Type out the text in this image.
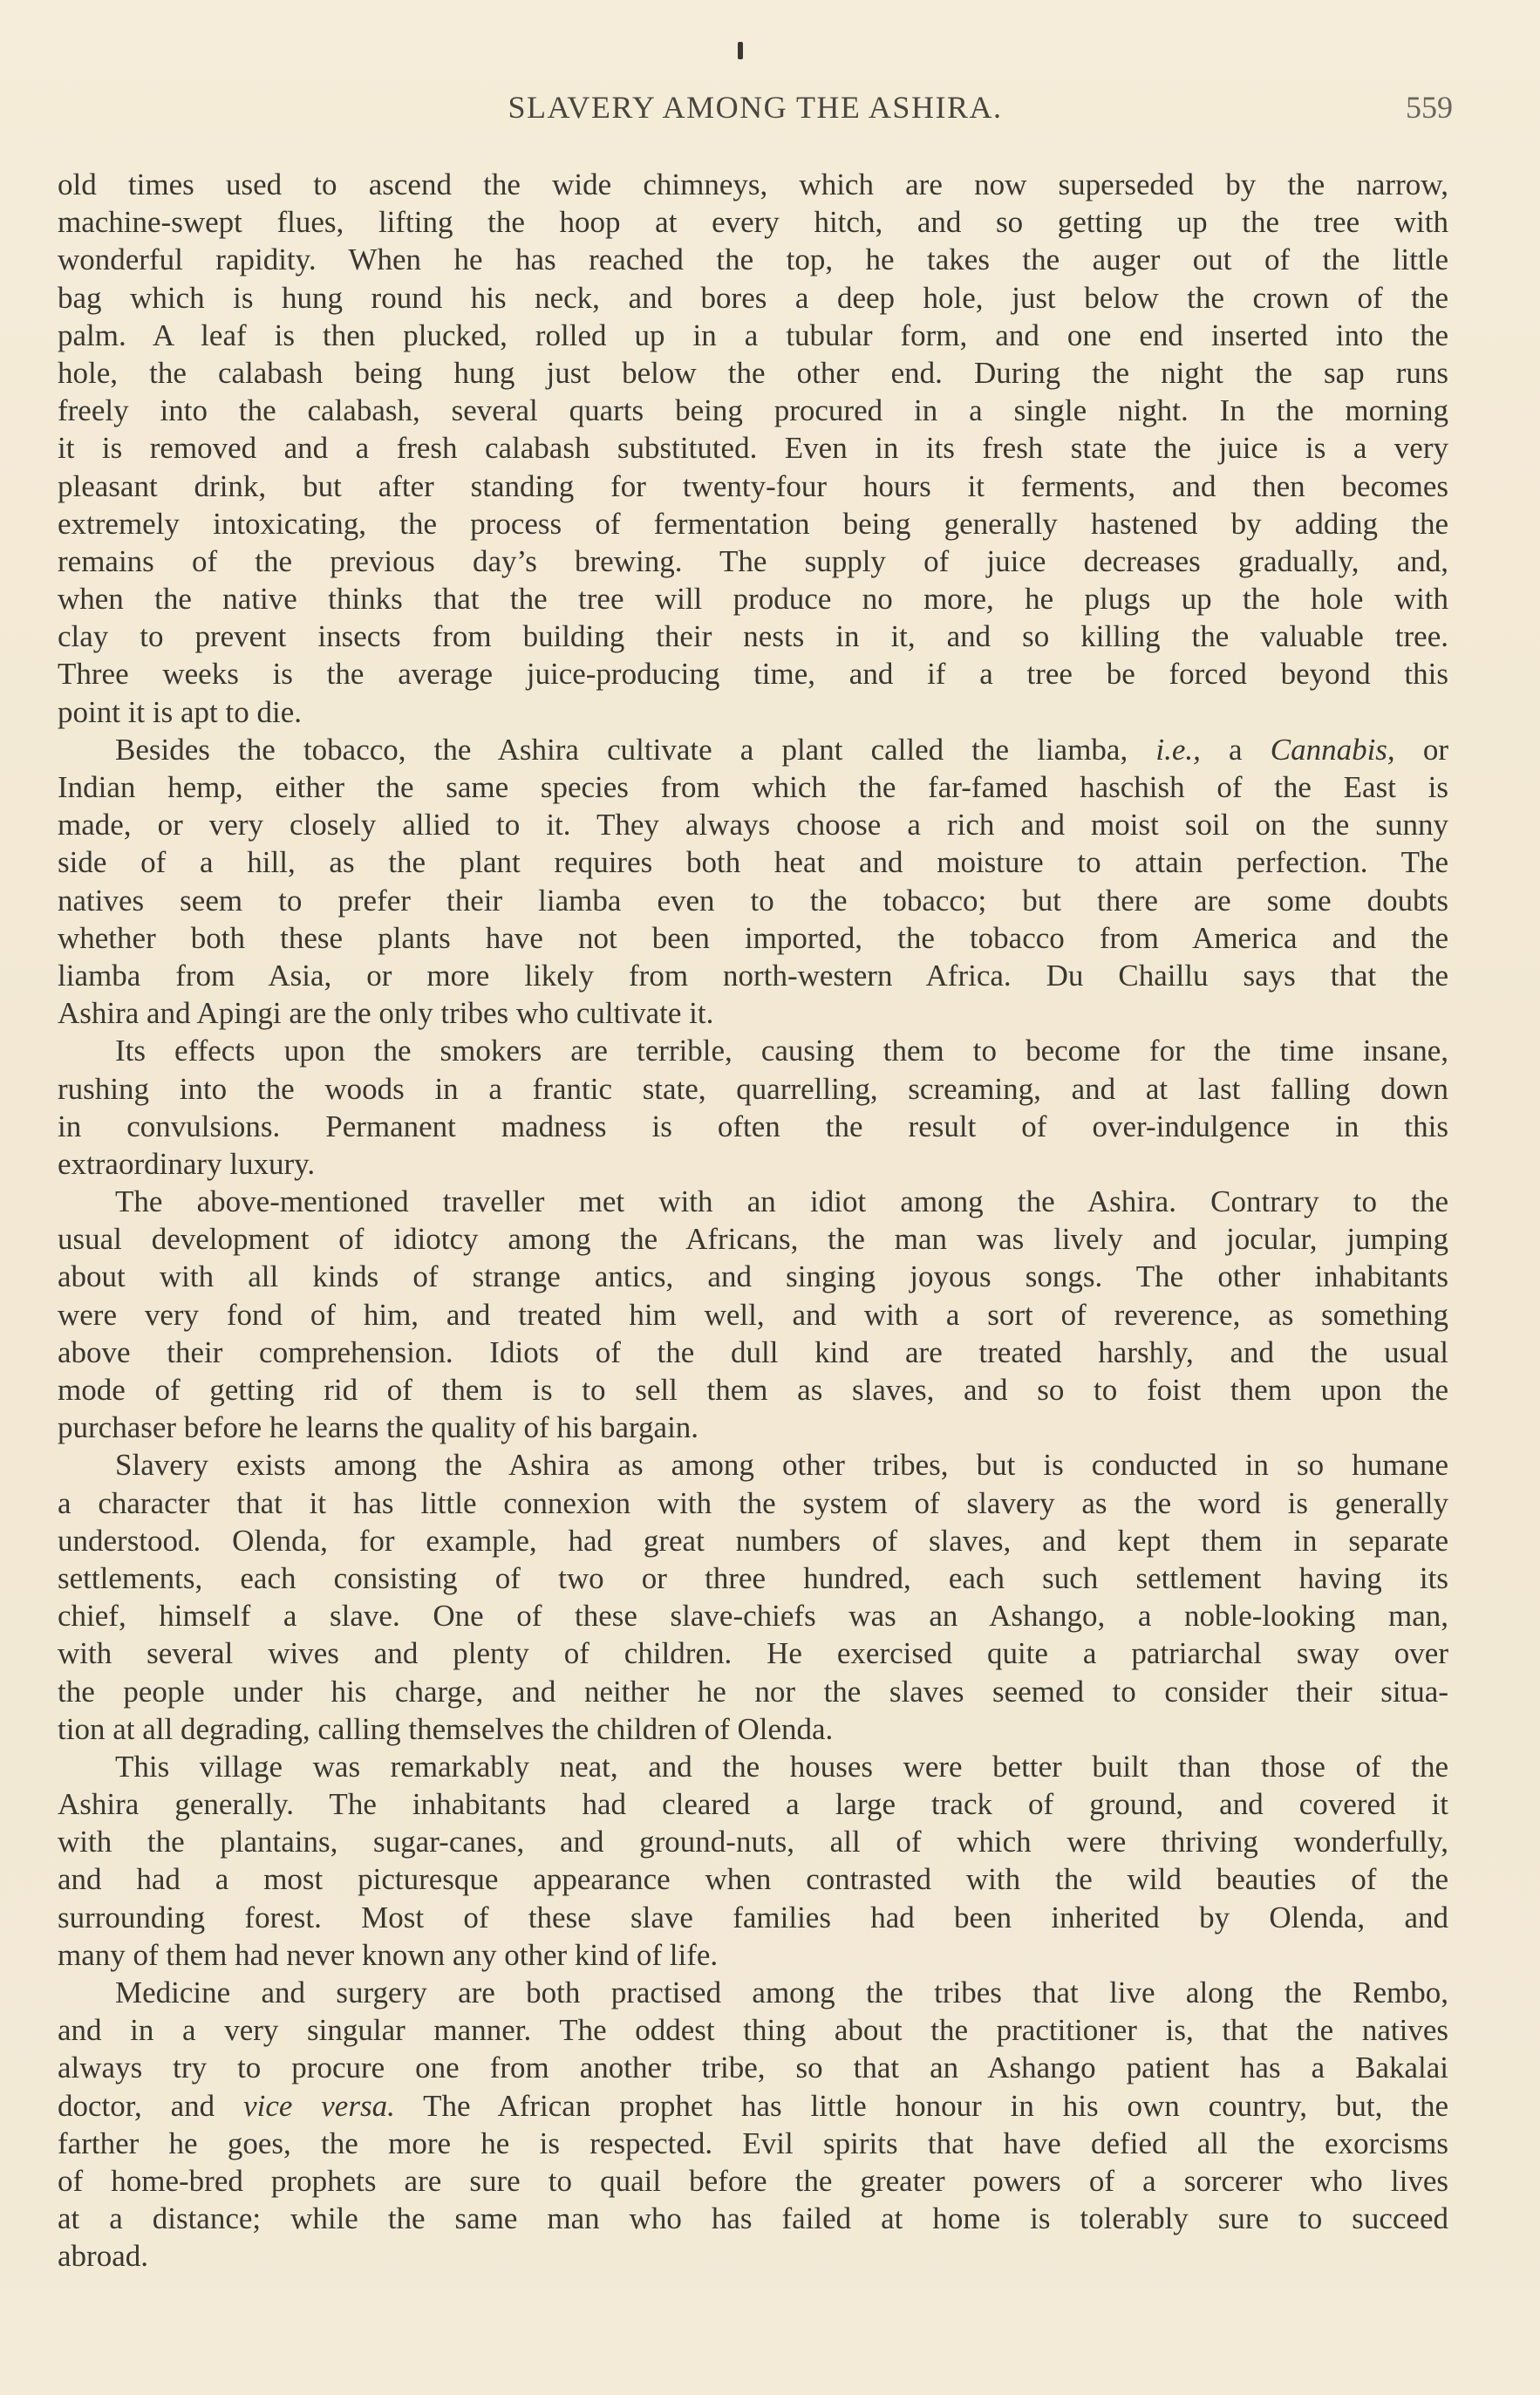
SLAVERY AMONG THE ASHIRA.	559
old times used to ascend the wide chimneys, which are now superseded by the narrow,
machine-swept flues, lifting the hoop at every hitch, and so getting up the tree with
wonderful rapidity. When he has reached the top, he takes the auger out of the little
bag which is hung round his neck, and bores a deep hole, just below the crown of the
palm. A leaf is then plucked, rolled up in a tubular form, and one end inserted into the
hole, the calabash being hung just below the other end. During the night the sap runs
freely into the calabash, several quarts being procured in a single night. In the morning
it is removed and a fresh calabash substituted. Even in its fresh state the juice is a very
pleasant drink, but after standing for twenty-four hours it ferments, and then becomes
extremely intoxicating, the process of fermentation being generally hastened by adding the
remains of the previous day’s brewing. The supply of juice decreases gradually, and,
when the native thinks that the tree will produce no more, he plugs up the hole with
clay to prevent insects from building their nests in it, and so killing the valuable tree.
Three weeks is the average juice-producing time, and if a tree be forced beyond this
point it is apt to die.
Besides the tobacco, the Ashira cultivate a plant called the liamba, i.e., a Cannabis, or
Indian hemp, either the same species from which the far-famed haschish of the East is
made, or very closely allied to it. They always choose a rich and moist soil on the sunny
side of a hill, as the plant requires both heat and moisture to attain perfection. The
natives seem to prefer their liamba even to the tobacco; but there are some doubts
whether both these plants have not been imported, the tobacco from America and the
liamba from Asia, or more likely from north-western Africa. Du Chaillu says that the
Ashira and Apingi are the only tribes who cultivate it.
Its effects upon the smokers are terrible, causing them to become for the time insane,
rushing into the woods in a frantic state, quarrelling, screaming, and at last falling down
in convulsions. Permanent madness is often the result of over-indulgence in this
extraordinary luxury.
The above-mentioned traveller met with an idiot among the Ashira. Contrary to the
usual development of idiotcy among the Africans, the man was lively and jocular, jumping
about with all kinds of strange antics, and singing joyous songs. The other inhabitants
were very fond of him, and treated him well, and with a sort of reverence, as something
above their comprehension. Idiots of the dull kind are treated harshly, and the usual
mode of getting rid of them is to sell them as slaves, and so to foist them upon the
purchaser before he learns the quality of his bargain.
Slavery exists among the Ashira as among other tribes, but is conducted in so humane
a character that it has little connexion with the system of slavery as the word is generally
understood. Olenda, for example, had great numbers of slaves, and kept them in separate
settlements, each consisting of two or three hundred, each such settlement having its
chief, himself a slave. One of these slave-chiefs was an Ashango, a noble-looking man,
with several wives and plenty of children. He exercised quite a patriarchal sway over
the people under his charge, and neither he nor the slaves seemed to consider their situa-
tion at all degrading, calling themselves the children of Olenda.
This village was remarkably neat, and the houses were better built than those of the
Ashira generally. The inhabitants had cleared a large track of ground, and covered it
with the plantains, sugar-canes, and ground-nuts, all of which were thriving wonderfully,
and had a most picturesque appearance when contrasted with the wild beauties of the
surrounding forest. Most of these slave families had been inherited by Olenda, and
many of them had never known any other kind of life.
Medicine and surgery are both practised among the tribes that live along the Rembo,
and in a very singular manner. The oddest thing about the practitioner is, that the natives
always try to procure one from another tribe, so that an Ashango patient has a Bakalai
doctor, and vice versa. The African prophet has little honour in his own country, but, the
farther he goes, the more he is respected. Evil spirits that have defied all the exorcisms
of home-bred prophets are sure to quail before the greater powers of a sorcerer who lives
at a distance; while the same man who has failed at home is tolerably sure to succeed
abroad.
